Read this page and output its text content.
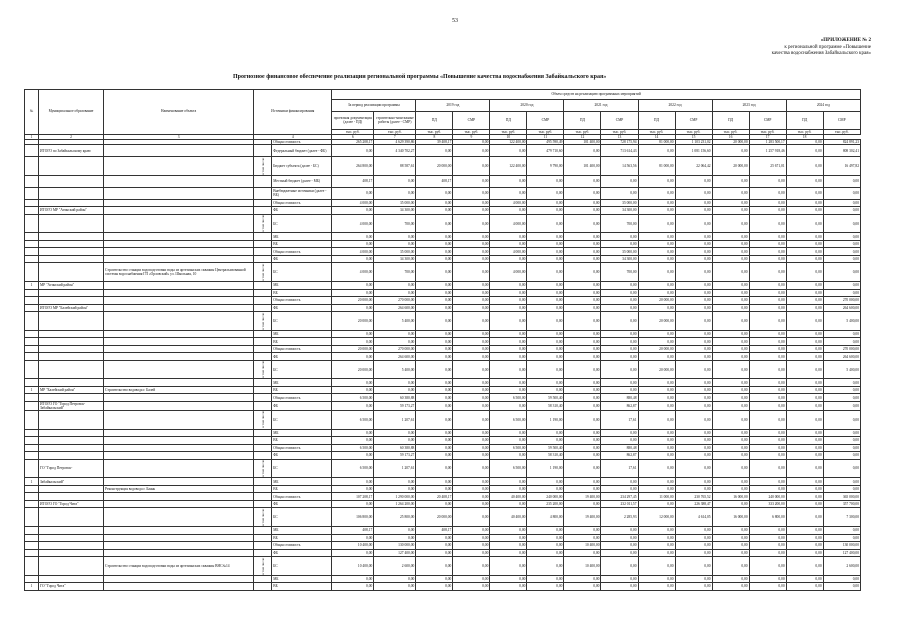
53
«ПРИЛОЖЕНИЕ № 2
к региональной программе «Повышение
качества водоснабжения Забайкальского края»
Прогнозное финансовое обеспечение реализации региональной программы «Повышение качества водоснабжения Забайкальского края»
№	Муниципальное образование	Наименование объекта	Источники финансирования		Объем средств на реализацию программных мероприятий													
					За период реализации программы		2019 год		2020 год		2021 год		2022 год		2023 год		2024 год	
					проектная документация (далее - ПД)	строительно-монтажные работы (далее - СМР)	ПД	СМР	ПД	СМР	ПД	СМР	ПД	СМР	ПД	СМР	ПД	СМР
					тыс. руб.	тыс. руб.	тыс. руб.	тыс. руб.	тыс. руб.	тыс. руб.	тыс. руб.	тыс. руб.	тыс. руб.	тыс. руб.	тыс. руб.	тыс. руб.	тыс. руб.	тыс. руб.
1	2	3	4		6	7	8	9	10	11	12	13	14	15	16	17	18	
				Общая стоимость	265 208,17	4 629 390,86	39 408,17	0,00	122 400,00	495 590,49	101 400,00	728 175,94	81 000,00	1 103 231,02	20 000,00	1 283 500,17	0,00	824 891,23
	ИТОГО по Забайкальскому краю			Федеральный бюджет (далее - ФБ)	0,00	4 340 702,27	0,00	0,00	0,00	479 710,60	0,00	713 614,43	0,00	1 081 156,60	0,00	1 257 918,46	0,00	808 302,41
			в том числе:	Бюджет субъекта (далее - БС)	264 800,00	88 587,61	20 000,00	0,00	122 400,00	9 790,00	101 400,00	14 563,56	81 000,00	22 064,42	20 000,00	25 671,01	0,00	16 497,82
				Местный бюджет (далее - МБ)	408,17	0,00	408,17	0,00	0,00	0,00	0,00	0,00	0,00	0,00	0,00	0,00	0,00	0,00
				Внебюджетные источники (далее - ВБ)	0,00	0,00	0,00	0,00	0,00	0,00	0,00	0,00	0,00	0,00	0,00	0,00	0,00	0,00
				Общая стоимость	4 000,00	35 000,00	0,00	0,00	4 000,00	0,00	0,00	35 000,00	0,00	0,00	0,00	0,00	0,00	0,00
	ИТОГО МР "Агинский район"			ФБ	0,00	34 300,00	0,00	0,00	0,00	0,00	0,00	34 300,00	0,00	0,00	0,00	0,00	0,00	0,00
			в том числе:	БС	4 000,00	700,00	0,00	0,00	4 000,00	0,00	0,00	700,00	0,00	0,00	0,00	0,00	0,00	0,00
				МБ	0,00	0,00	0,00	0,00	0,00	0,00	0,00	0,00	0,00	0,00	0,00	0,00	0,00	0,00
				ВБ	0,00	0,00	0,00	0,00	0,00	0,00	0,00	0,00	0,00	0,00	0,00	0,00	0,00	0,00
				Общая стоимость	4 000,00	35 000,00	0,00	0,00	4 000,00	0,00	0,00	35 000,00	0,00	0,00	0,00	0,00	0,00	0,00
				ФБ	0,00	34 300,00	0,00	0,00	0,00	0,00	0,00	34 300,00	0,00	0,00	0,00	0,00	0,00	0,00
		Строительство станции водоподготовки воды из артезианских скважин Центральизованной системы водоснабжения ГП «Орловский» ул. Школьная, 10	в том числе:	БС	4 000,00	700,00	0,00	0,00	4 000,00	0,00	0,00	700,00	0,00	0,00	0,00	0,00	0,00	0,00
1	МР "Агинский район"			МБ	0,00	0,00	0,00	0,00	0,00	0,00	0,00	0,00	0,00	0,00	0,00	0,00	0,00	0,00
				ВБ	0,00	0,00	0,00	0,00	0,00	0,00	0,00	0,00	0,00	0,00	0,00	0,00	0,00	0,00
				Общая стоимость	20 000,00	270 000,00	0,00	0,00	0,00	0,00	0,00	0,00	20 000,00	0,00	0,00	0,00	0,00	270 000,00
	ИТОГО МР "Балейский район"			ФБ	0,00	264 600,00	0,00	0,00	0,00	0,00	0,00	0,00	0,00	0,00	0,00	0,00	0,00	264 600,00
			в том числе:	БС	20 000,00	5 400,00	0,00	0,00	0,00	0,00	0,00	0,00	20 000,00	0,00	0,00	0,00	0,00	5 400,00
				МБ	0,00	0,00	0,00	0,00	0,00	0,00	0,00	0,00	0,00	0,00	0,00	0,00	0,00	0,00
				ВБ	0,00	0,00	0,00	0,00	0,00	0,00	0,00	0,00	0,00	0,00	0,00	0,00	0,00	0,00
				Общая стоимость	20 000,00	270 000,00	0,00	0,00	0,00	0,00	0,00	0,00	20 000,00	0,00	0,00	0,00	0,00	270 000,00
				ФБ	0,00	264 600,00	0,00	0,00	0,00	0,00	0,00	0,00	0,00	0,00	0,00	0,00	0,00	264 600,00
			в том числе:	БС	20 000,00	5 400,00	0,00	0,00	0,00	0,00	0,00	0,00	20 000,00	0,00	0,00	0,00	0,00	5 400,00
				МБ	0,00	0,00	0,00	0,00	0,00	0,00	0,00	0,00	0,00	0,00	0,00	0,00	0,00	0,00
1	МР "Балейский район"	Строительство водовода г. Балей		ВБ	0,00	0,00	0,00	0,00	0,00	0,00	0,00	0,00	0,00	0,00	0,00	0,00	0,00	0,00
				Общая стоимость	6 500,00	60 380,88	0,00	0,00	6 500,00	59 500,40	0,00	880,48	0,00	0,00	0,00	0,00	0,00	0,00
	ИТОГО ГО "Город Петровск-Забайкальский"			ФБ	0,00	59 173,27	0,00	0,00	0,00	58 310,40	0,00	862,87	0,00	0,00	0,00	0,00	0,00	0,00
			в том числе:	БС	6 500,00	1 207,61	0,00	0,00	6 500,00	1 190,00	0,00	17,61	0,00	0,00	0,00	0,00	0,00	0,00
				МБ	0,00	0,00	0,00	0,00	0,00	0,00	0,00	0,00	0,00	0,00	0,00	0,00	0,00	0,00
				ВБ	0,00	0,00	0,00	0,00	0,00	0,00	0,00	0,00	0,00	0,00	0,00	0,00	0,00	0,00
				Общая стоимость	6 500,00	60 380,88	0,00	0,00	6 500,00	59 500,40	0,00	880,48	0,00	0,00	0,00	0,00	0,00	0,00
				ФБ	0,00	59 173,27	0,00	0,00	0,00	58 310,40	0,00	862,87	0,00	0,00	0,00	0,00	0,00	0,00
	ГО "Город Петровск-		в том числе:	БС	6 500,00	1 207,61	0,00	0,00	6 500,00	1 190,00	0,00	17,61	0,00	0,00	0,00	0,00	0,00	0,00
1	Забайкальский"			МБ	0,00	0,00	0,00	0,00	0,00	0,00	0,00	0,00	0,00	0,00	0,00	0,00	0,00	0,00
		Реконструкция водовода г. Баянь		ВБ	0,00	0,00	0,00	0,00	0,00	0,00	0,00	0,00	0,00	0,00	0,00	0,00	0,00	0,00
				Общая стоимость	107 208,17	1 290 000,00	20 408,17	0,00	40 400,00	240 000,00	19 400,00	234 297,45	11 000,00	230 765,52	16 000,00	240 000,00	0,00	365 000,00
	ИТОГО ГО "Город Чита"			ФБ	0,00	1 264 200,00	0,00	0,00	0,00	235 200,00	0,00	232 011,57	0,00	226 388,47	0,00	333 200,00	0,00	357 700,00
			в том числе:	БС	106 800,00	25 800,00	20 000,00	0,00	40 400,00	4 800,00	19 400,00	2 285,93	12 000,00	4 614,05	16 000,00	6 800,00	0,00	7 300,00
				МБ	408,17	0,00	408,17	0,00	0,00	0,00	0,00	0,00	0,00	0,00	0,00	0,00	0,00	0,00
				ВБ	0,00	0,00	0,00	0,00	0,00	0,00	0,00	0,00	0,00	0,00	0,00	0,00	0,00	0,00
				Общая стоимость	10 400,00	130 000,00	0,00	0,00	0,00	0,00	10 400,00	0,00	0,00	0,00	0,00	0,00	0,00	130 000,00
				ФБ	0,00	127 400,00	0,00	0,00	0,00	0,00	0,00	0,00	0,00	0,00	0,00	0,00	0,00	127 400,00
		Строительство станции водоподготовки воды из артезианских скважин ВНС№14	в том числе:	БС	10 400,00	2 600,00	0,00	0,00	0,00	0,00	10 400,00	0,00	0,00	0,00	0,00	0,00	0,00	2 600,00
				МБ	0,00	0,00	0,00	0,00	0,00	0,00	0,00	0,00	0,00	0,00	0,00	0,00	0,00	0,00
1	ГО "Город Чита"			ВБ	0,00	0,00	0,00	0,00	0,00	0,00	0,00	0,00	0,00	0,00	0,00	0,00	0,00	0,00
